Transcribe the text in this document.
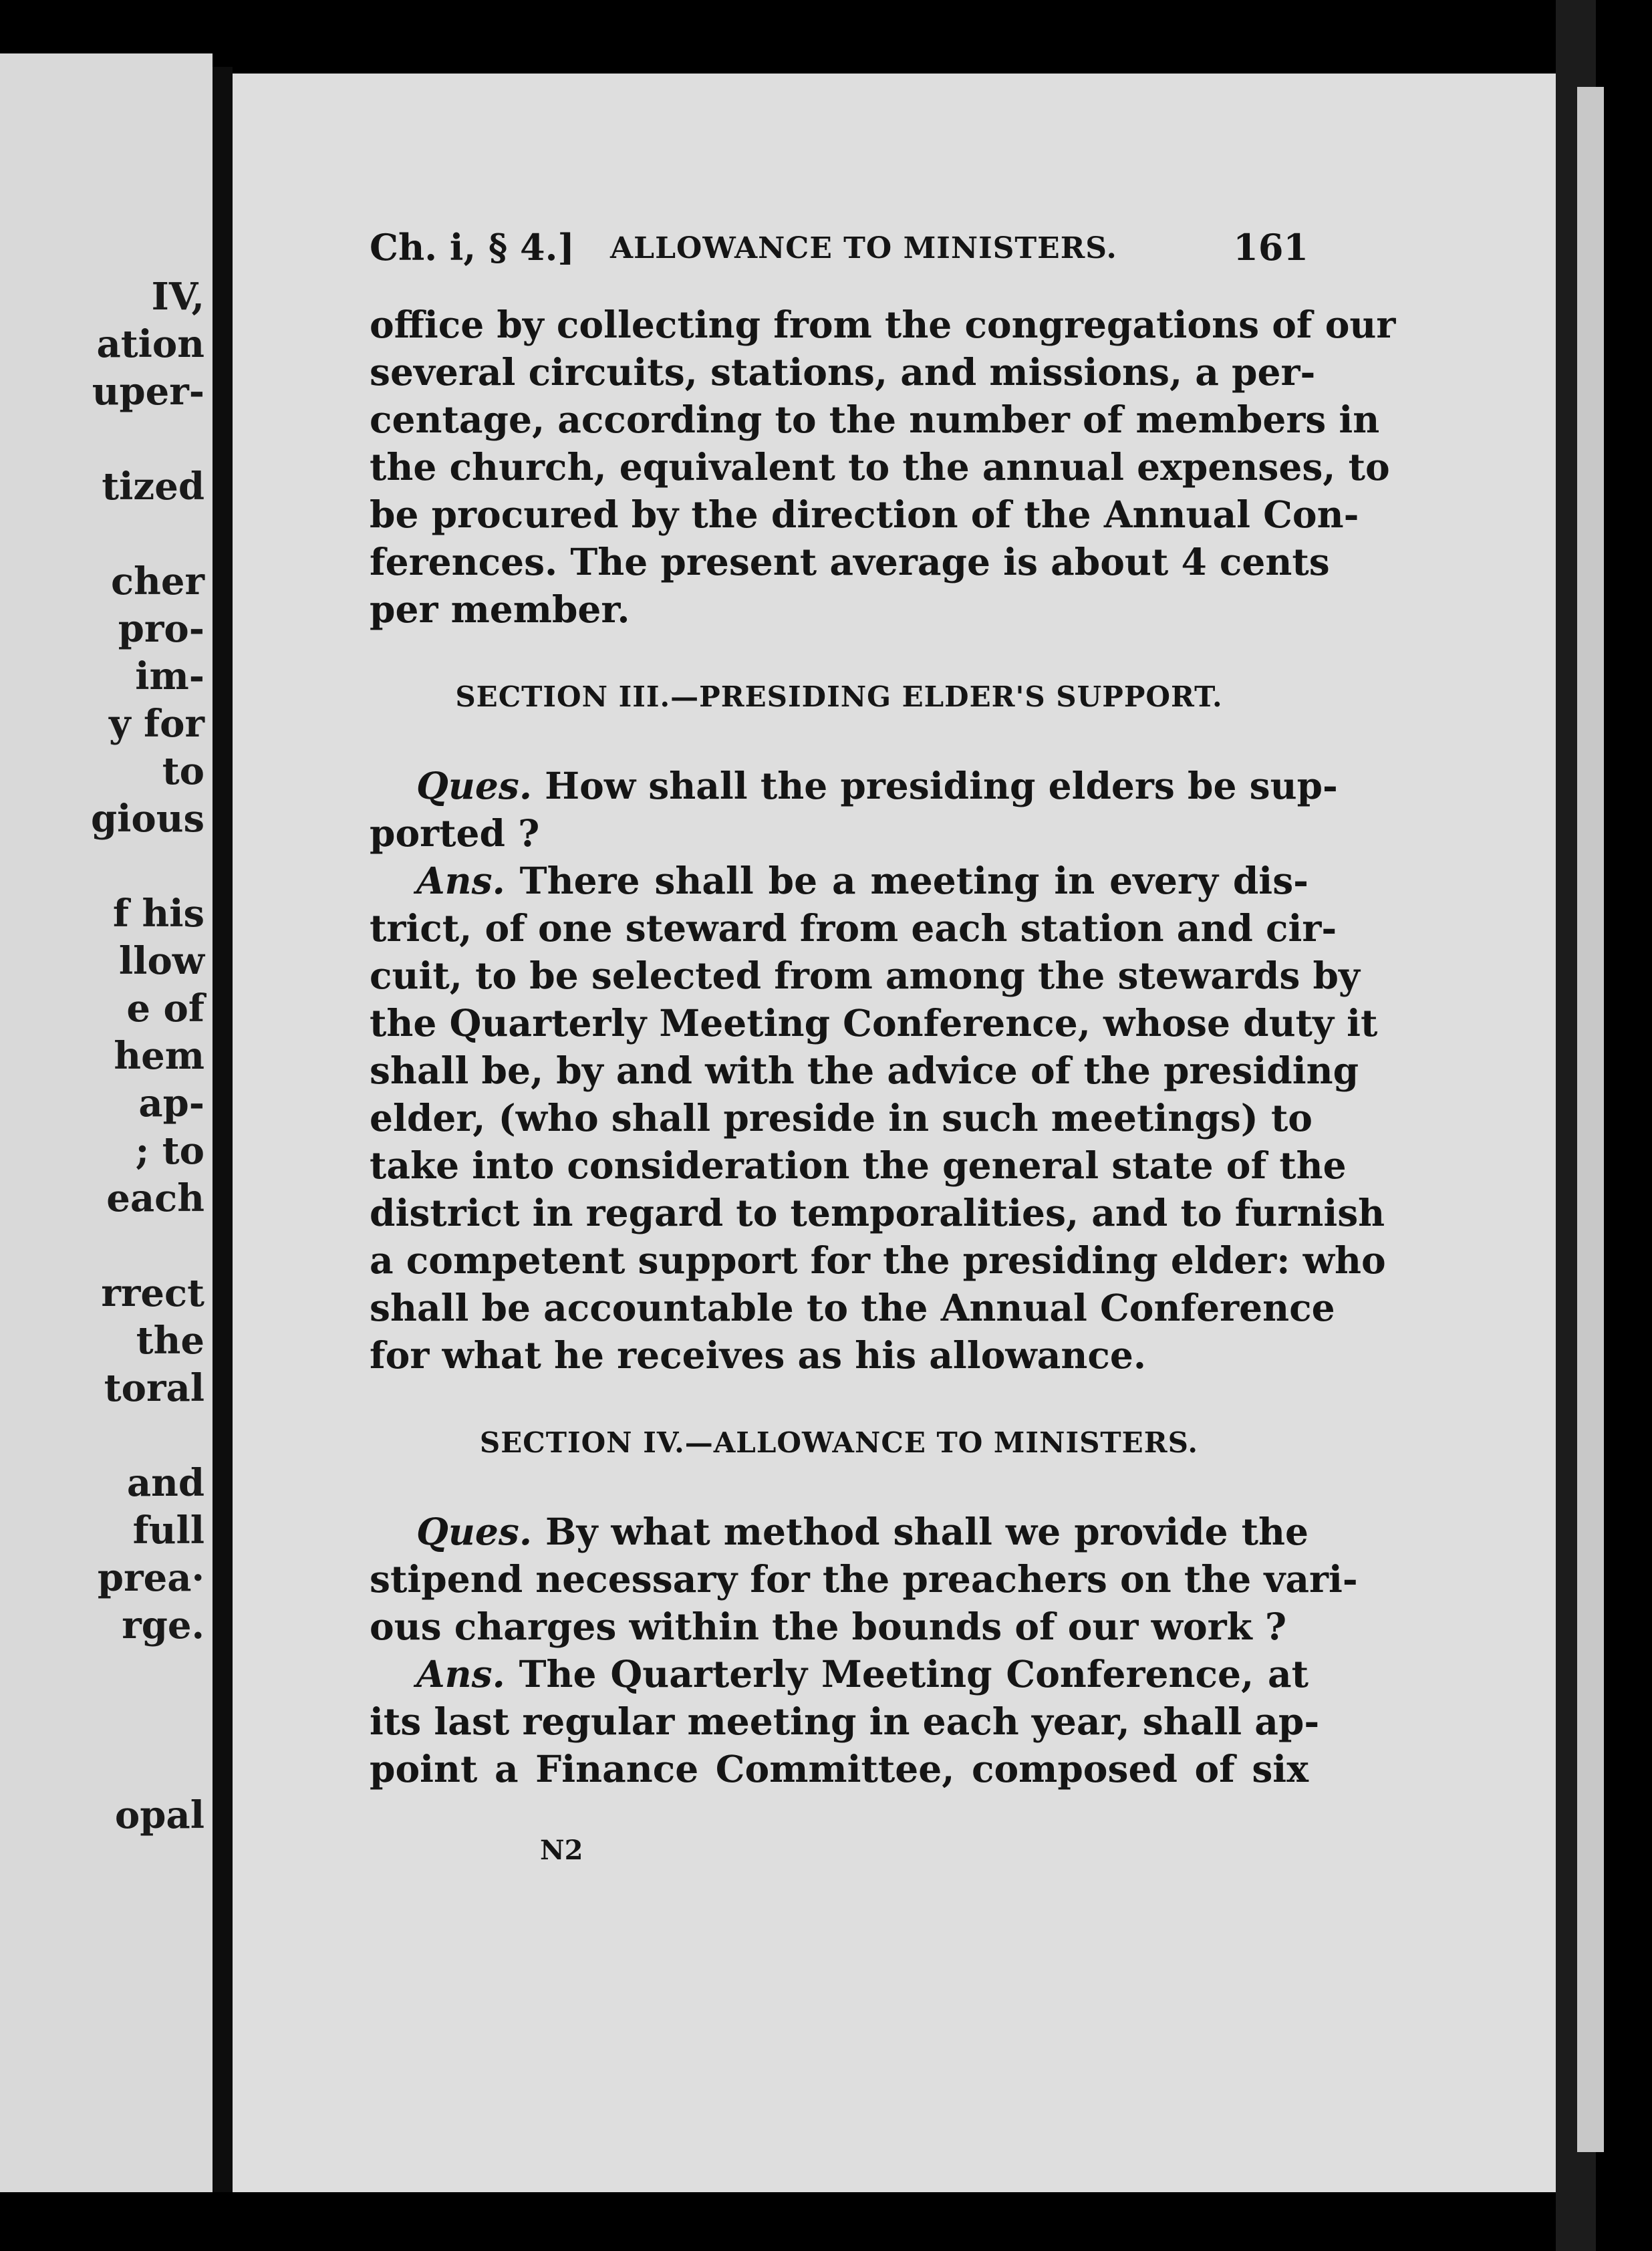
IV,
ation
uper-
tized
cher
pro-
im-
y for
to
gious
f his
llow
e of
hem
ap-
; to
each
rrect
the
toral
and
full
prea·
rge.
opal
Ch. i, § 4.] ALLOWANCE TO MINISTERS.	161
office by collecting from the congregations of our
several circuits, stations, and missions, a per-
centage, according to the number of members in
the church, equivalent to the annual expenses, to
be procured by the direction of the Annual Con-
ferences. The present average is about 4 cents
per member.
SECTION III.—PRESIDING ELDER'S SUPPORT.
Ques. How shall the presiding elders be sup-
ported ?
Ans. There shall be a meeting in every dis-
trict, of one steward from each station and cir-
cuit, to be selected from among the stewards by
the Quarterly Meeting Conference, whose duty it
shall be, by and with the advice of the presiding
elder, (who shall preside in such meetings) to
take into consideration the general state of the
district in regard to temporalities, and to furnish
a competent support for the presiding elder: who
shall be accountable to the Annual Conference
for what he receives as his allowance.
SECTION IV.—ALLOWANCE TO MINISTERS.
Ques. By what method shall we provide the
stipend necessary for the preachers on the vari-
ous charges within the bounds of our work ?
Ans. The Quarterly Meeting Conference, at
its last regular meeting in each year, shall ap-
point a Finance Committee, composed of six
N2
